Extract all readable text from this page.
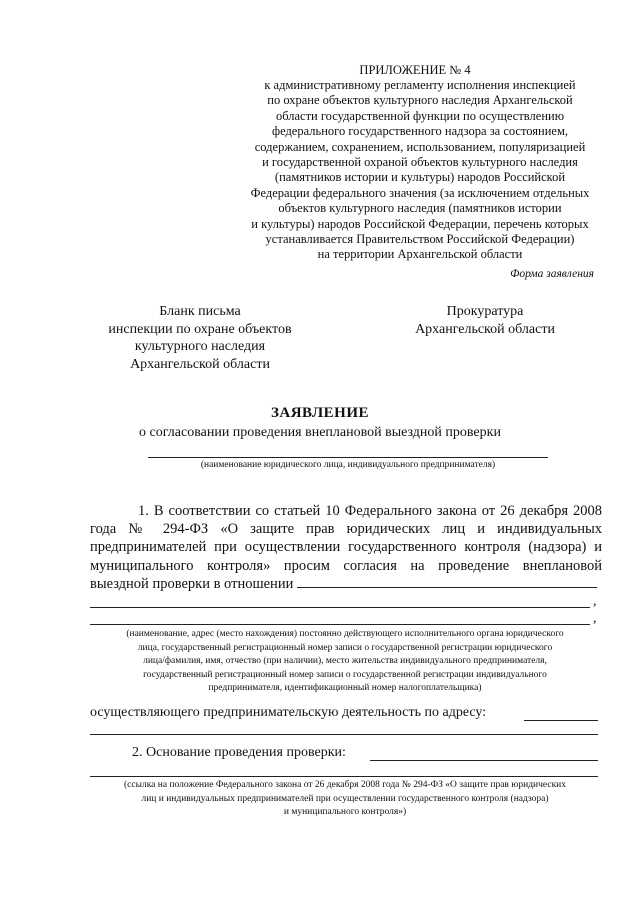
ПРИЛОЖЕНИЕ № 4
к административному регламенту исполнения инспекцией
по охране объектов культурного наследия Архангельской
области государственной функции по осуществлению
федерального государственного надзора за состоянием,
содержанием, сохранением, использованием, популяризацией
и государственной охраной объектов культурного наследия
(памятников истории и культуры) народов Российской
Федерации федерального значения (за исключением отдельных
объектов культурного наследия (памятников истории
и культуры) народов Российской Федерации, перечень которых
устанавливается Правительством Российской Федерации)
на территории Архангельской области
Форма заявления
Бланк письма
инспекции по охране объектов
культурного наследия
Архангельской области
Прокуратура
Архангельской области
ЗАЯВЛЕНИЕ
о согласовании проведения внеплановой выездной проверки
(наименование юридического лица, индивидуального предпринимателя)
1. В соответствии со статьей 10 Федерального закона от 26 декабря 2008 года № 294-ФЗ «О защите прав юридических лиц и индивидуальных предпринимателей при осуществлении государственного контроля (надзора) и муниципального контроля» просим согласия на проведение внеплановой выездной проверки в отношении
,
,
(наименование, адрес (место нахождения) постоянно действующего исполнительного органа юридического
лица, государственный регистрационный номер записи о государственной регистрации юридического
лица/фамилия, имя, отчество (при наличии), место жительства индивидуального предпринимателя,
государственный регистрационный номер записи о государственной регистрации индивидуального
предпринимателя, идентификационный номер налогоплательщика)
осуществляющего предпринимательскую деятельность по адресу:
2. Основание проведения проверки:
(ссылка на положение Федерального закона от 26 декабря 2008 года № 294-ФЗ «О защите прав юридических
лиц и индивидуальных предпринимателей при осуществлении государственного контроля (надзора)
и муниципального контроля»)
